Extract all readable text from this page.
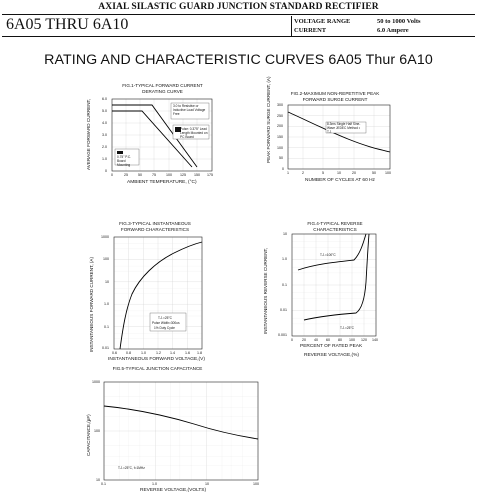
AXIAL SILASTIC GUARD JUNCTION STANDARD RECTIFIER
6A05 THRU 6A10	VOLTAGE RANGE	50 to 1000 Volts
CURRENT	6.0 Ampere
RATING AND CHARACTERISTIC CURVES 6A05 Thur 6A10
FIG.1-TYPICAL FORWARD CURRENT
DERATING CURVE
3.0 to Resistive or Inductive Load Voltage Free
Pulse: 0.375" Lead Length Mounted on PC Board
0.75" P.C. Board Mounting
6.0
5.0
4.0
3.0
2.0
1.0
0
0	25	50	75	100 125 150 175
AMBIENT TEMPERATURE, (°C)
AVERAGE FORWARD CURRENT,
FIG.2-MAXIMUM NON-REPETITIVE PEAK
FORWARD SURGE CURRENT
8.3ms Single Half Sine-Wave JEDEC Method • T.J.
300
250
200
150
100
50
0
1	2	5	10	20	50	100
NUMBER OF CYCLES AT 60 Hz
PEAK FORWARD SURGE CURRENT, (A)
FIG.3-TYPICAL INSTANTANEOUS
FORWARD CHARACTERISTICS
T.J.=25°C
Pulse Width=300us
1% Duty Cycle
1000
100
10
1.0
0.1
0.01
0.6	0.8	1.0	1.2	1.4	1.6 1.8
INSTANTANEOUS FORWARD VOLTAGE,(V)
INSTANTANEOUS FORWARD CURRENT, (A)
FIG.4-TYPICAL REVERSE
CHARACTERISTICS
T.J.=100°C
T.J.=25°C
10
1.0
0.1
0.01
0.001
0	20 40 60 80 100 120 140
PERCENT OF RATED PEAK
REVERSE VOLTAGE,(%)
INSTANTANEOUS REVERSE CURRENT,
FIG.5-TYPICAL JUNCTION CAPACITANCE
T.J.=25°C, f=1MHz
1000
100
10
0.1	1.0	10	100
REVERSE VOLTAGE,(VOLTS)
CAPACITANCE,(pF)
